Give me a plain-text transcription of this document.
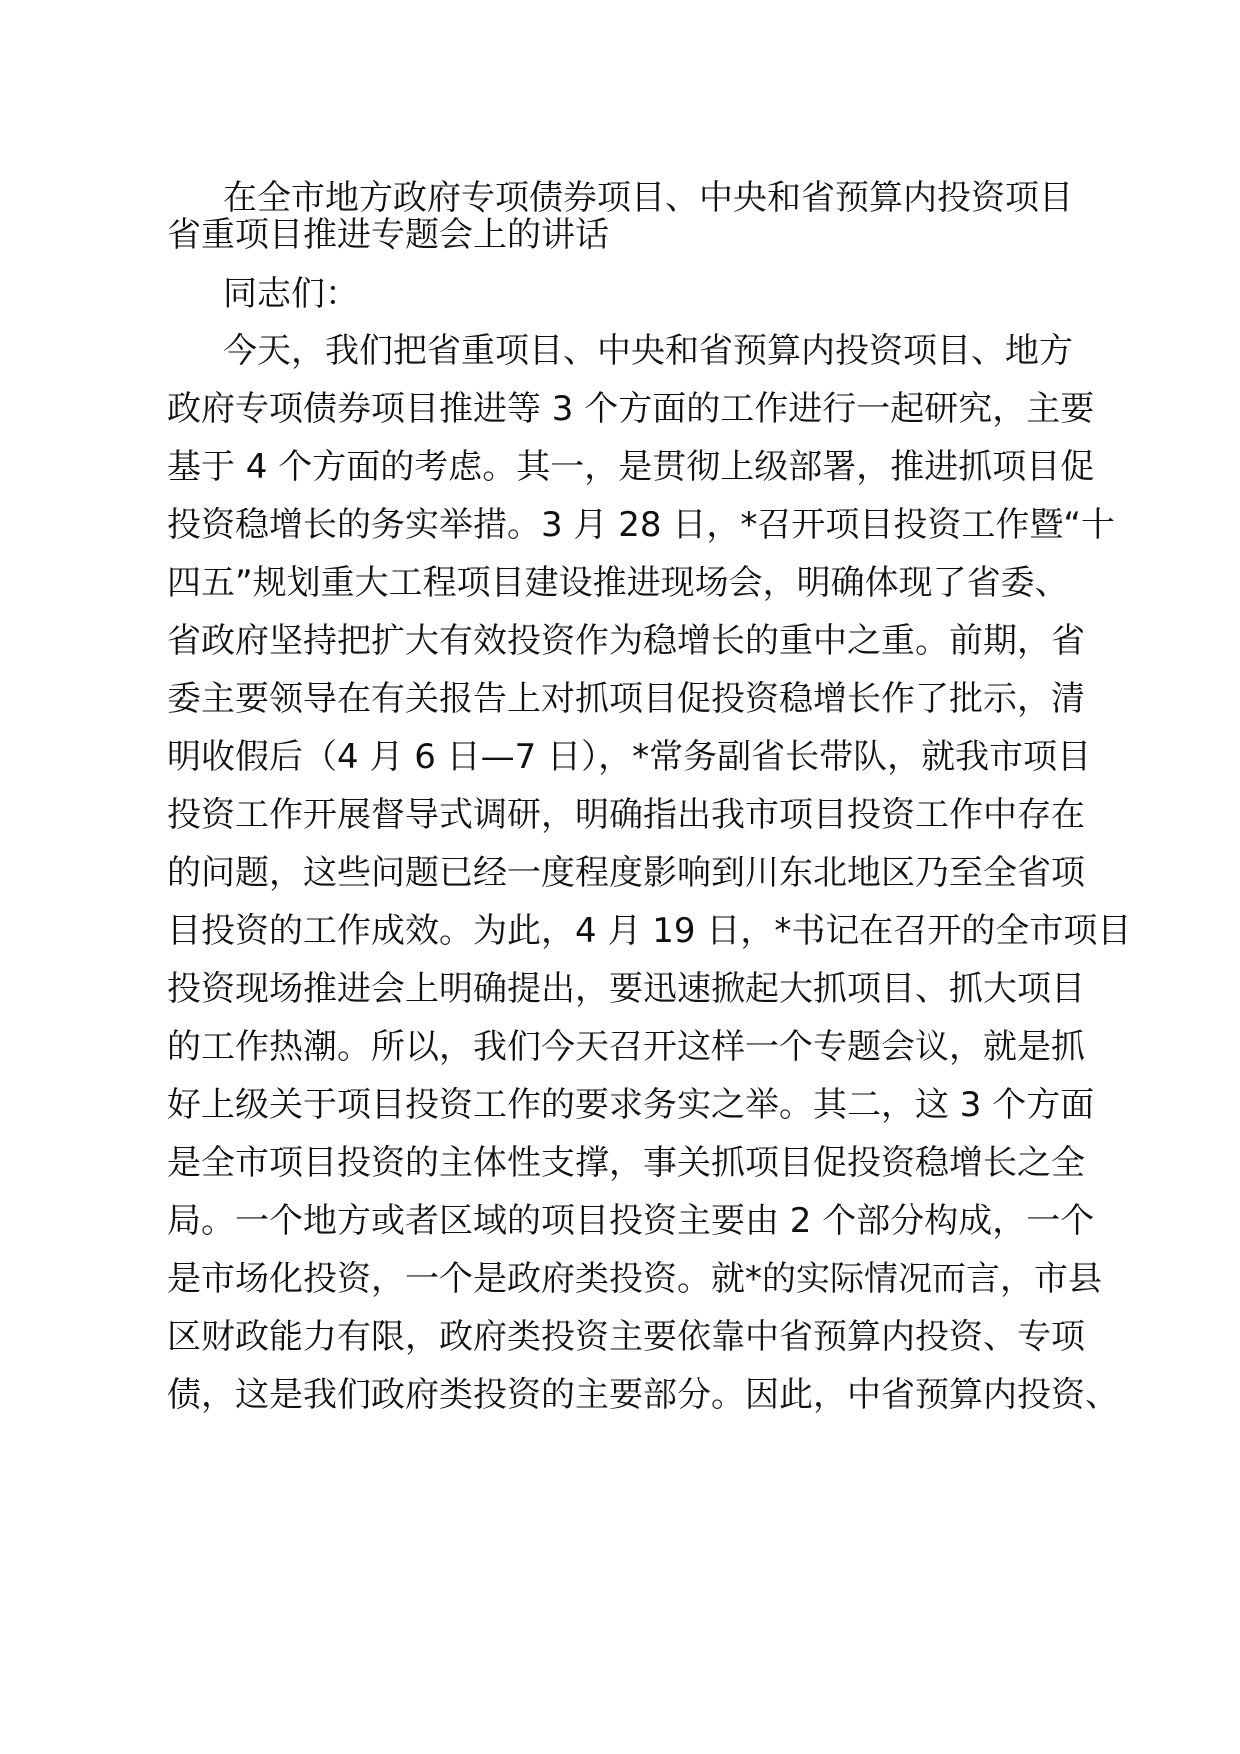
在全市地方政府专项债券项目、中央和省预算内投资项目
省重项目推进专题会上的讲话
同志们：
今天，我们把省重项目、中央和省预算内投资项目、地方
政府专项债券项目推进等 3 个方面的工作进行一起研究，主要
基于 4 个方面的考虑。其一，是贯彻上级部署，推进抓项目促
投资稳增长的务实举措。3 月 28 日，*召开项目投资工作暨“十
四五”规划重大工程项目建设推进现场会，明确体现了省委、
省政府坚持把扩大有效投资作为稳增长的重中之重。前期，省
委主要领导在有关报告上对抓项目促投资稳增长作了批示，清
明收假后（4 月 6 日—7 日），*常务副省长带队，就我市项目
投资工作开展督导式调研，明确指出我市项目投资工作中存在
的问题，这些问题已经一度程度影响到川东北地区乃至全省项
目投资的工作成效。为此，4 月 19 日，*书记在召开的全市项目
投资现场推进会上明确提出，要迅速掀起大抓项目、抓大项目
的工作热潮。所以，我们今天召开这样一个专题会议，就是抓
好上级关于项目投资工作的要求务实之举。其二，这 3 个方面
是全市项目投资的主体性支撑，事关抓项目促投资稳增长之全
局。一个地方或者区域的项目投资主要由 2 个部分构成，一个
是市场化投资，一个是政府类投资。就*的实际情况而言，市县
区财政能力有限，政府类投资主要依靠中省预算内投资、专项
债，这是我们政府类投资的主要部分。因此，中省预算内投资、
